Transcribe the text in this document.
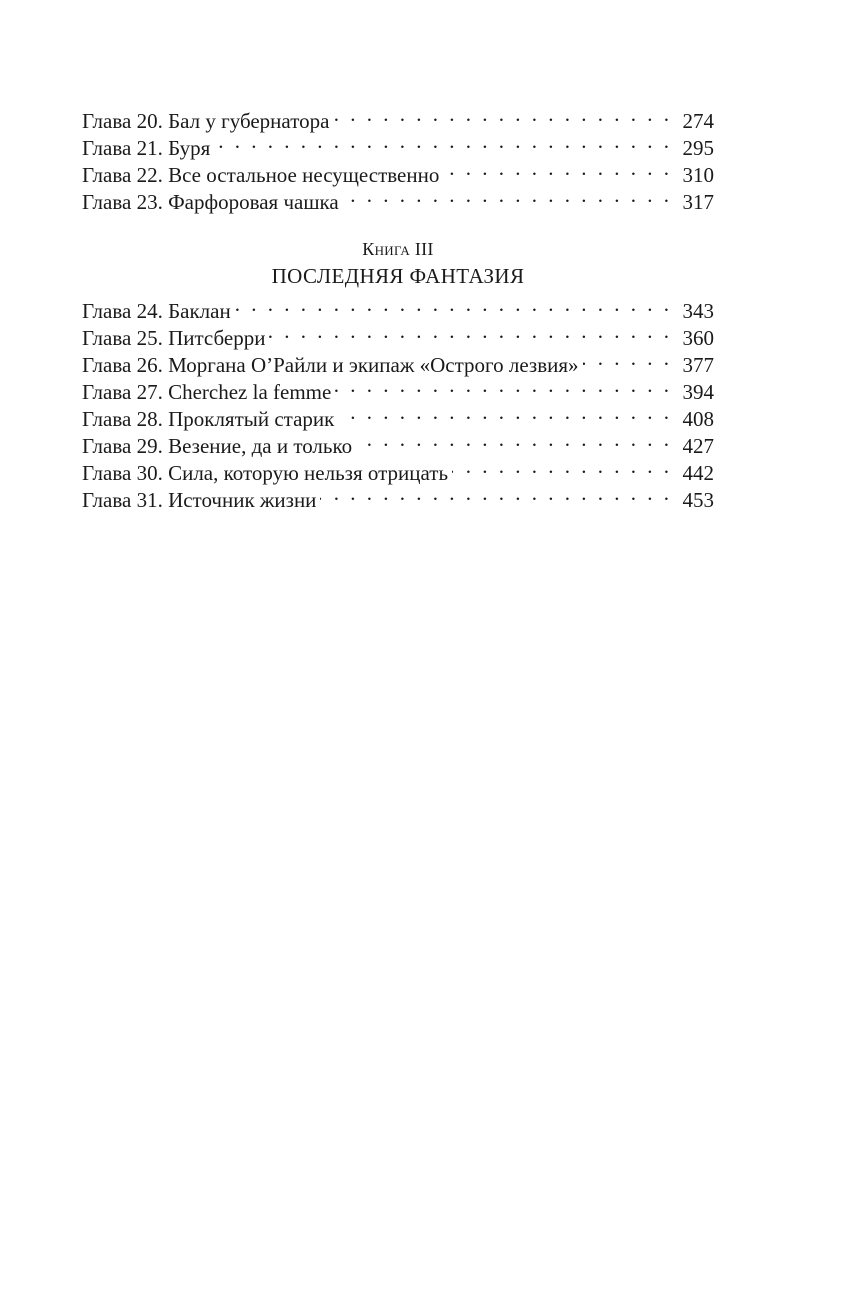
Глава 20. Бал у губернатора . . .	274
Глава 21. Буря . . .	295
Глава 22. Все остальное несущественно . . .	310
Глава 23. Фарфоровая чашка . . .	317
Книга III
ПОСЛЕДНЯЯ ФАНТАЗИЯ
Глава 24. Баклан . . .	343
Глава 25. Питсберри . . .	360
Глава 26. Моргана О’Райли и экипаж «Острого лезвия» . . .	377
Глава 27. Cherchez la femme . . .	394
Глава 28. Проклятый старик . . .	408
Глава 29. Везение, да и только . . .	427
Глава 30. Сила, которую нельзя отрицать . . .	442
Глава 31. Источник жизни . . .	453
